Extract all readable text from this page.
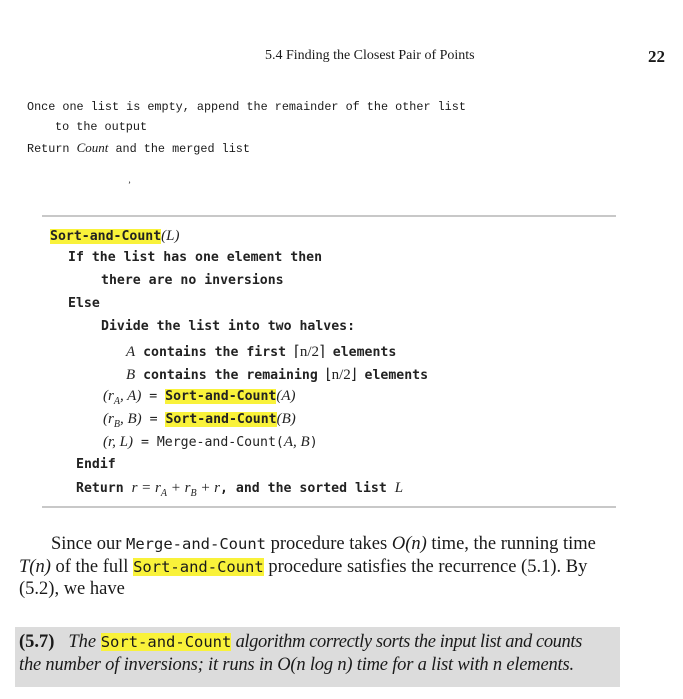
5.4 Finding the Closest Pair of Points	22
Once one list is empty, append the remainder of the other list
to the output
Return Count and the merged list
ʼ
Sort-and-Count(L)
If the list has one element then
there are no inversions
Else
Divide the list into two halves:
A contains the first ⌈n/2⌉ elements
B contains the remaining ⌊n/2⌋ elements
($r_A$, A) = Sort-and-Count(A)
($r_B$, B) = Sort-and-Count(B)
(r, L) = Merge-and-Count(A, B)
Endif
Return $r = r_A + r_B + r$, and the sorted list L
Since our Merge-and-Count procedure takes O(n) time, the running time
T(n) of the full Sort-and-Count procedure satisfies the recurrence (5.1). By
(5.2), we have
(5.7) The Sort-and-Count algorithm correctly sorts the input list and counts
the number of inversions; it runs in O(n log n) time for a list with n elements.
